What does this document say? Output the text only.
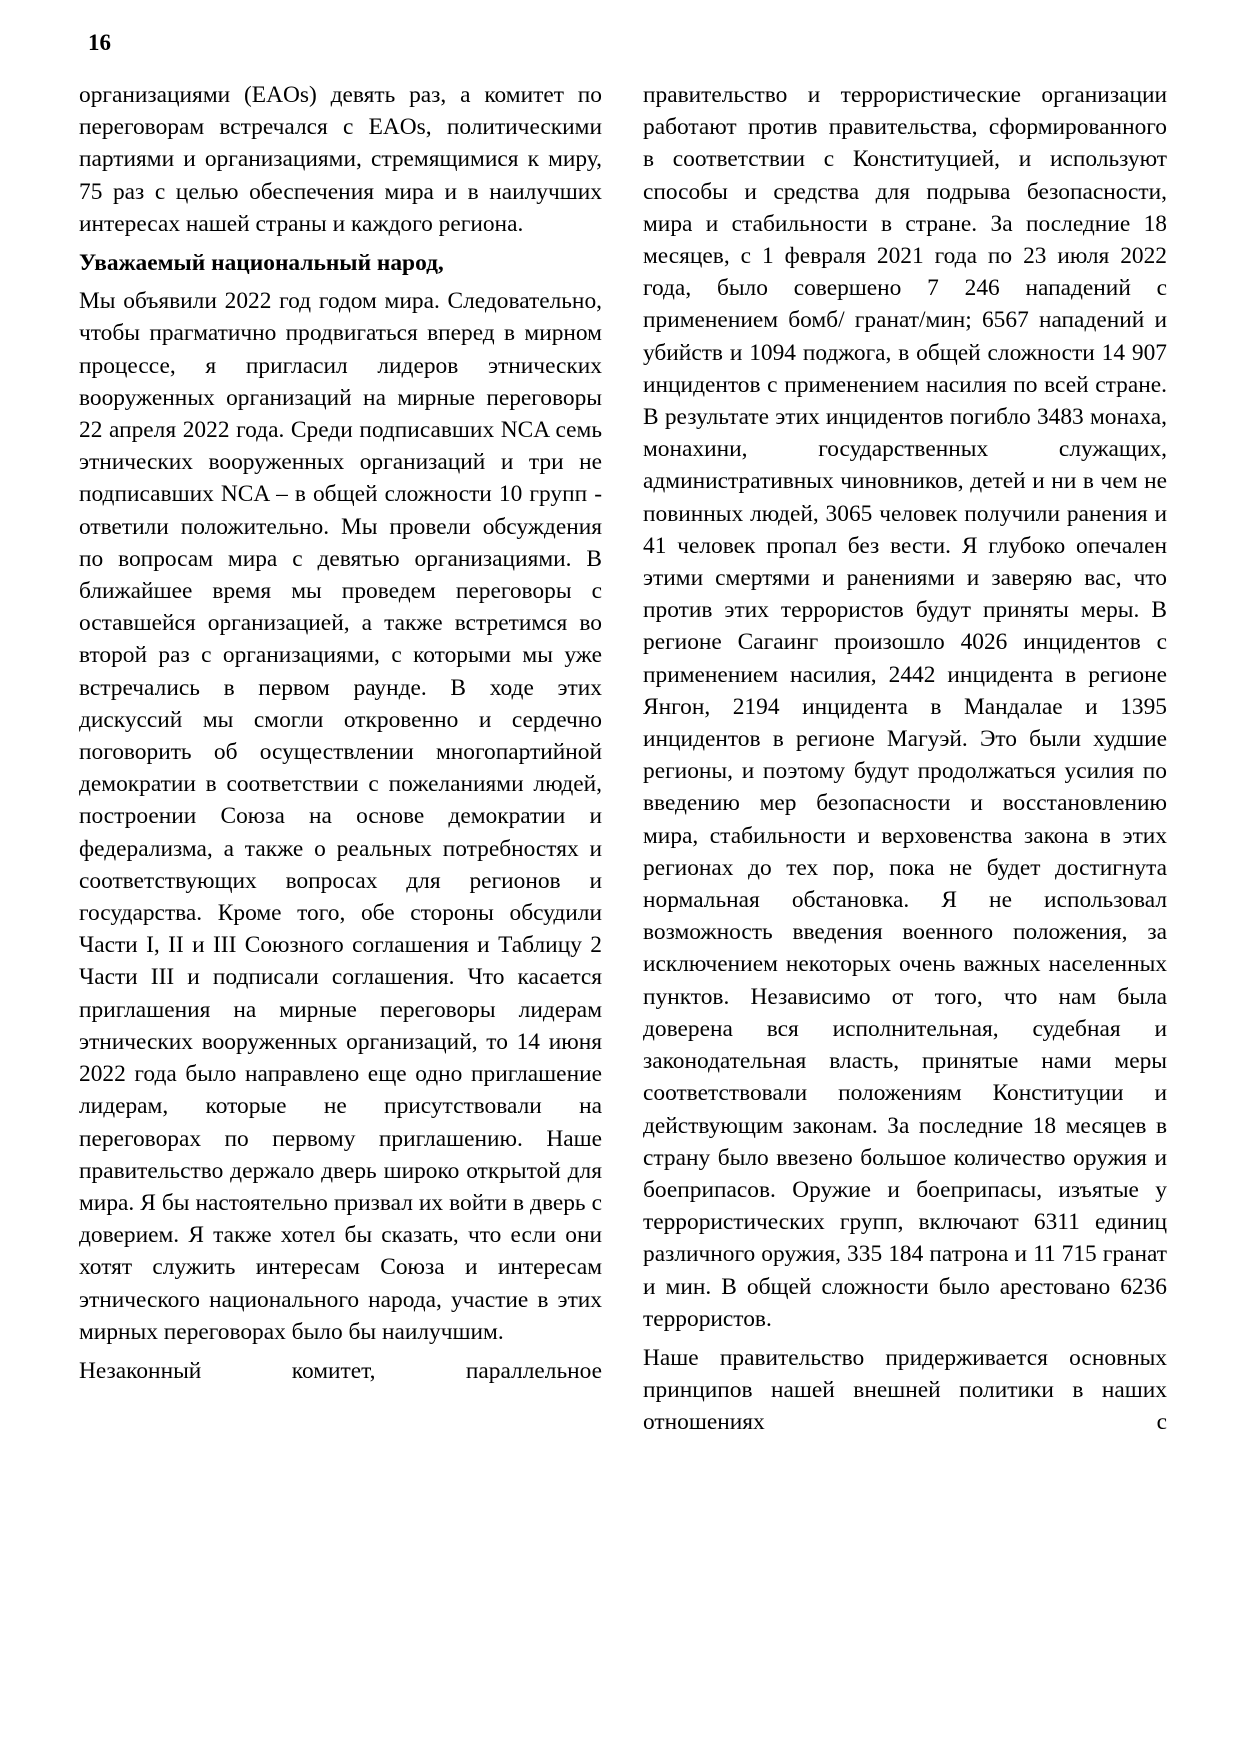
16

организациями (EAOs) девять раз, а комитет по переговорам встречался с EAOs, политическими партиями и организациями, стремящимися к миру, 75 раз с целью обеспечения мира и в наилучших интересах нашей страны и каждого региона.

Уважаемый национальный народ,

Мы объявили 2022 год годом мира. Следовательно, чтобы прагматично продвигаться вперед в мирном процессе, я пригласил лидеров этнических вооруженных организаций на мирные переговоры 22 апреля 2022 года. Среди подписавших NCA семь этнических вооруженных организаций и три не подписавших NCA – в общей сложности 10 групп - ответили положительно. Мы провели обсуждения по вопросам мира с девятью организациями. В ближайшее время мы проведем переговоры с оставшейся организацией, а также встретимся во второй раз с организациями, с которыми мы уже встречались в первом раунде. В ходе этих дискуссий мы смогли откровенно и сердечно поговорить об осуществлении многопартийной демократии в соответствии с пожеланиями людей, построении Союза на основе демократии и федерализма, а также о реальных потребностях и соответствующих вопросах для регионов и государства. Кроме того, обе стороны обсудили Части I, II и III Союзного соглашения и Таблицу 2 Части III и подписали соглашения. Что касается приглашения на мирные переговоры лидерам этнических вооруженных организаций, то 14 июня 2022 года было направлено еще одно приглашение лидерам, которые не присутствовали на переговорах по первому приглашению. Наше правительство держало дверь широко открытой для мира. Я бы настоятельно призвал их войти в дверь с доверием. Я также хотел бы сказать, что если они хотят служить интересам Союза и интересам этнического национального народа, участие в этих мирных переговорах было бы наилучшим.

Незаконный комитет, параллельное

правительство и террористические организации работают против правительства, сформированного в соответствии с Конституцией, и используют способы и средства для подрыва безопасности, мира и стабильности в стране. За последние 18 месяцев, с 1 февраля 2021 года по 23 июля 2022 года, было совершено 7 246 нападений с применением бомб/ гранат/мин; 6567 нападений и убийств и 1094 поджога, в общей сложности 14 907 инцидентов с применением насилия по всей стране. В результате этих инцидентов погибло 3483 монаха, монахини, государственных служащих, административных чиновников, детей и ни в чем не повинных людей, 3065 человек получили ранения и 41 человек пропал без вести. Я глубоко опечален этими смертями и ранениями и заверяю вас, что против этих террористов будут приняты меры. В регионе Сагаинг произошло 4026 инцидентов с применением насилия, 2442 инцидента в регионе Янгон, 2194 инцидента в Мандалае и 1395 инцидентов в регионе Магуэй. Это были худшие регионы, и поэтому будут продолжаться усилия по введению мер безопасности и восстановлению мира, стабильности и верховенства закона в этих регионах до тех пор, пока не будет достигнута нормальная обстановка. Я не использовал возможность введения военного положения, за исключением некоторых очень важных населенных пунктов. Независимо от того, что нам была доверена вся исполнительная, судебная и законодательная власть, принятые нами меры соответствовали положениям Конституции и действующим законам. За последние 18 месяцев в страну было ввезено большое количество оружия и боеприпасов. Оружие и боеприпасы, изъятые у террористических групп, включают 6311 единиц различного оружия, 335 184 патрона и 11 715 гранат и мин. В общей сложности было арестовано 6236 террористов.

Наше правительство придерживается основных принципов нашей внешней политики в наших отношениях с
